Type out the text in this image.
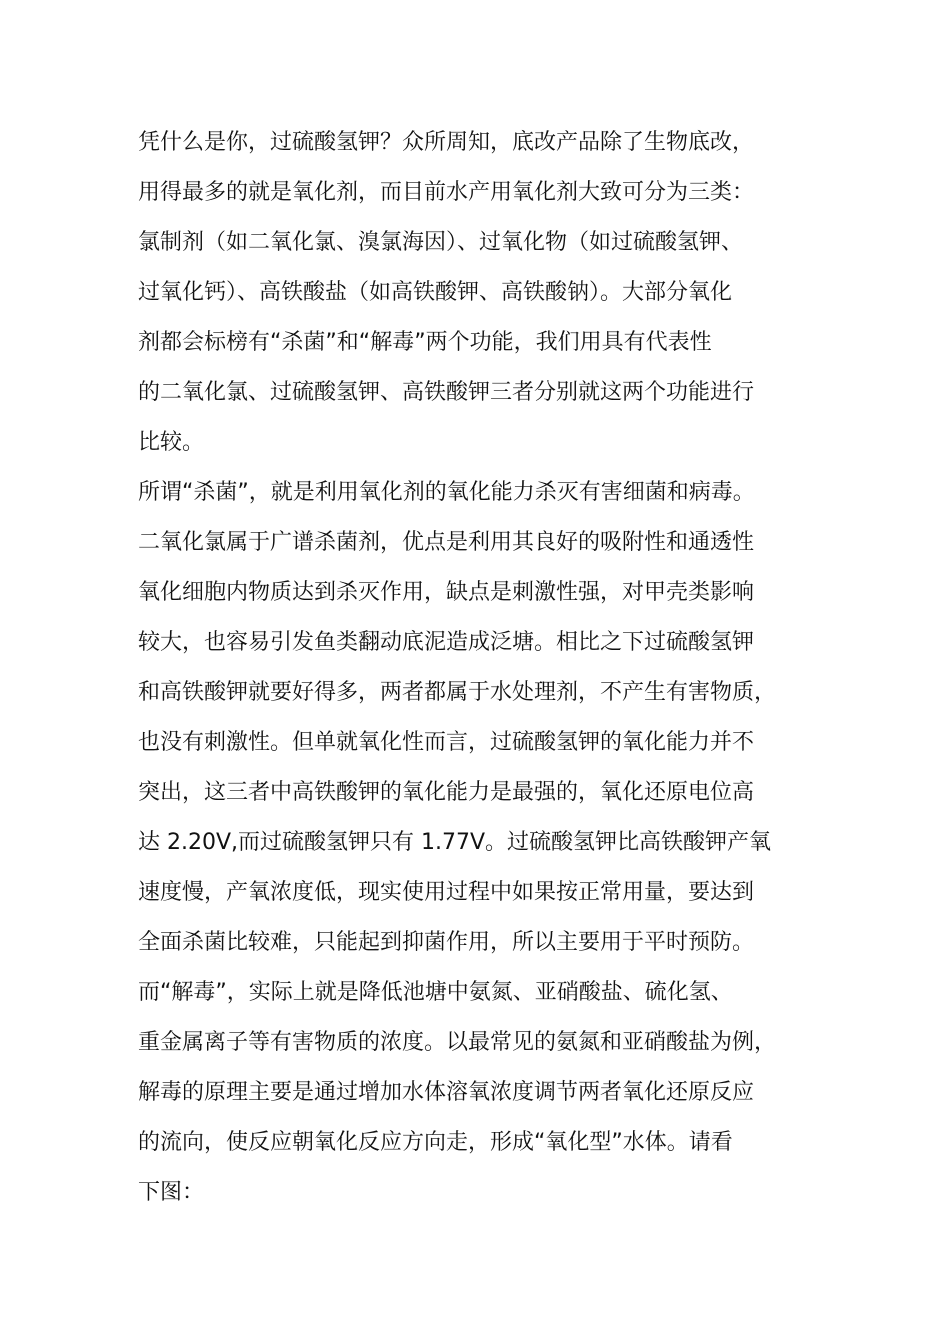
凭什么是你，过硫酸氢钾？众所周知，底改产品除了生物底改，
用得最多的就是氧化剂，而目前水产用氧化剂大致可分为三类：
氯制剂（如二氧化氯、溴氯海因）、过氧化物（如过硫酸氢钾、
过氧化钙）、高铁酸盐（如高铁酸钾、高铁酸钠）。大部分氧化
剂都会标榜有“杀菌”和“解毒”两个功能，我们用具有代表性
的二氧化氯、过硫酸氢钾、高铁酸钾三者分别就这两个功能进行
比较。
所谓“杀菌”，就是利用氧化剂的氧化能力杀灭有害细菌和病毒。
二氧化氯属于广谱杀菌剂，优点是利用其良好的吸附性和通透性
氧化细胞内物质达到杀灭作用，缺点是刺激性强，对甲壳类影响
较大，也容易引发鱼类翻动底泥造成泛塘。相比之下过硫酸氢钾
和高铁酸钾就要好得多，两者都属于水处理剂，不产生有害物质，
也没有刺激性。但单就氧化性而言，过硫酸氢钾的氧化能力并不
突出，这三者中高铁酸钾的氧化能力是最强的，氧化还原电位高
达 2.20V,而过硫酸氢钾只有 1.77V。过硫酸氢钾比高铁酸钾产氧
速度慢，产氧浓度低，现实使用过程中如果按正常用量，要达到
全面杀菌比较难，只能起到抑菌作用，所以主要用于平时预防。
而“解毒”，实际上就是降低池塘中氨氮、亚硝酸盐、硫化氢、
重金属离子等有害物质的浓度。以最常见的氨氮和亚硝酸盐为例，
解毒的原理主要是通过增加水体溶氧浓度调节两者氧化还原反应
的流向，使反应朝氧化反应方向走，形成“氧化型”水体。请看
下图：
